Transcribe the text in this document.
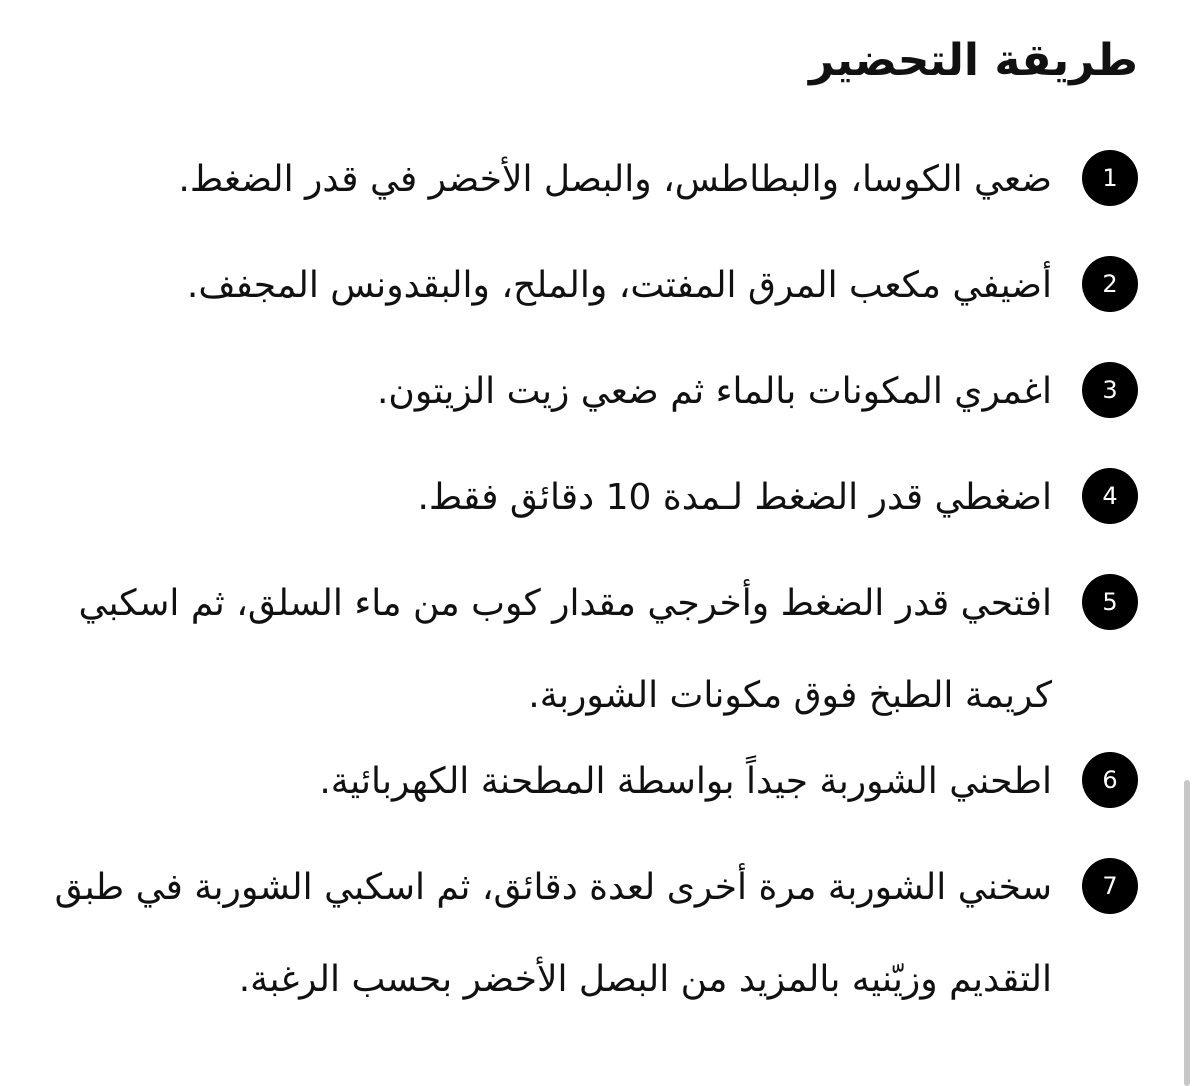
طريقة التحضير
1
ضعي الكوسا، والبطاطس، والبصل الأخضر في قدر الضغط.
2
أضيفي مكعب المرق المفتت، والملح، والبقدونس المجفف.
3
اغمري المكونات بالماء ثم ضعي زيت الزيتون.
4
اضغطي قدر الضغط لـمدة 10 دقائق فقط.
5
افتحي قدر الضغط وأخرجي مقدار كوب من ماء السلق، ثم اسكبي كريمة الطبخ فوق مكونات الشوربة.
6
اطحني الشوربة جيداً بواسطة المطحنة الكهربائية.
7
سخني الشوربة مرة أخرى لعدة دقائق، ثم اسكبي الشوربة في طبق التقديم وزيّنيه بالمزيد من البصل الأخضر بحسب الرغبة.
